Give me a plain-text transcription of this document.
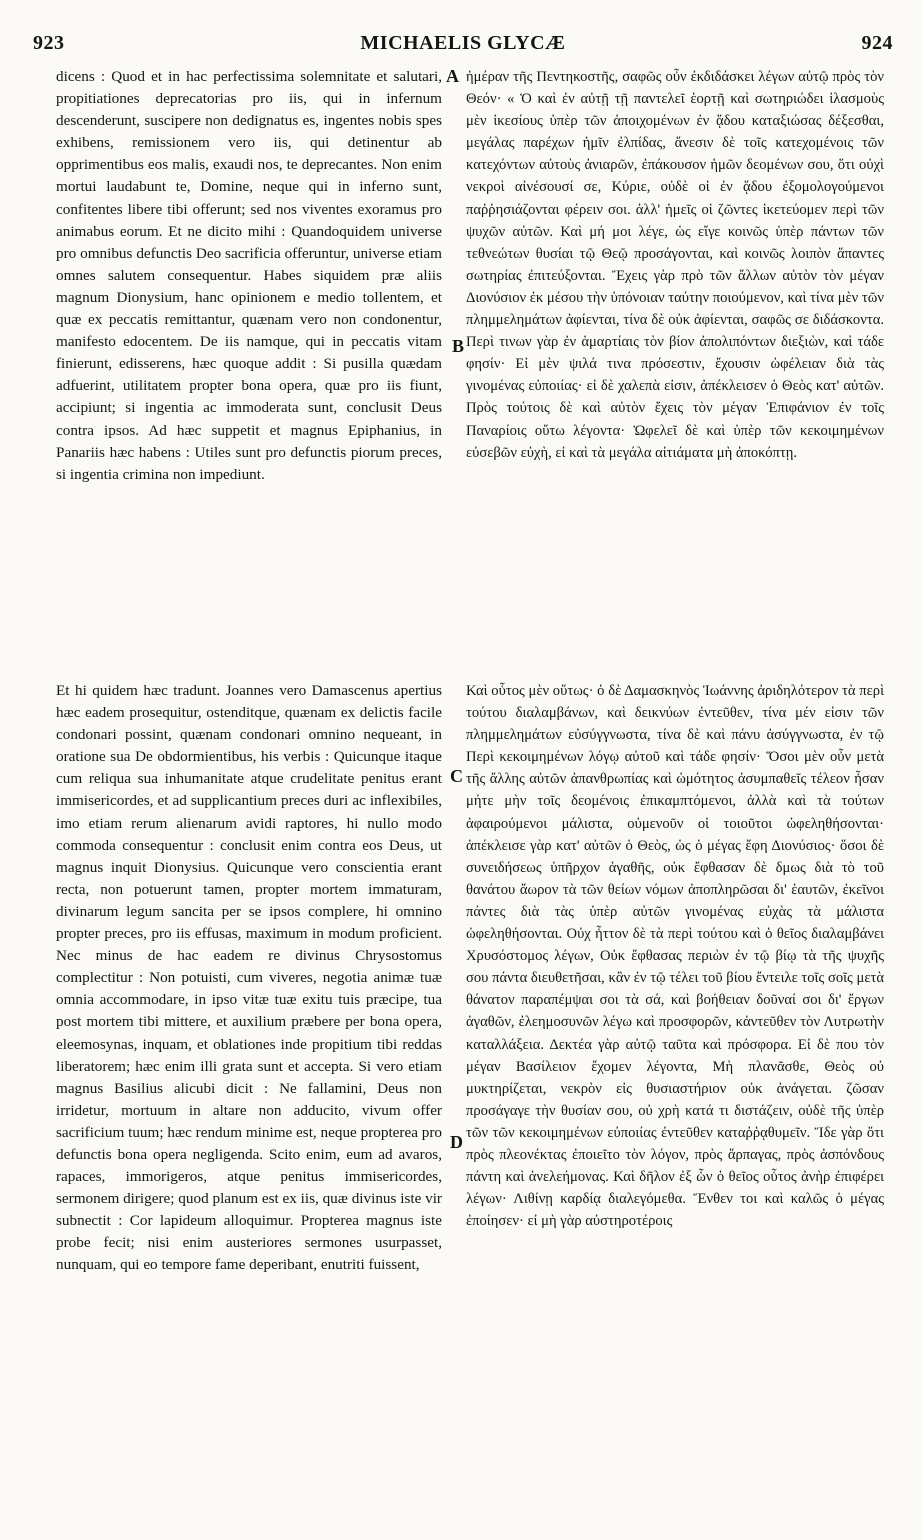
923	MICHAELIS GLYCÆ	924
A
B
C
D

dicens : Quod et in hac perfectissima solemnitate et salutari, propitiationes deprecatorias pro iis, qui in infernum descenderunt, suscipere non dedignatus es, ingentes nobis spes exhibens, remissionem vero iis, qui detinentur ab opprimentibus eos malis, exaudi nos, te deprecantes. Non enim mortui laudabunt te, Domine, neque qui in inferno sunt, confitentes libere tibi offerunt; sed nos viventes exoramus pro animabus eorum. Et ne dicito mihi : Quandoquidem universe pro omnibus defunctis Deo sacrificia offeruntur, universe etiam omnes salutem consequentur. Habes siquidem præ aliis magnum Dionysium, hanc opinionem e medio tollentem, et quæ ex peccatis remittantur, quænam vero non condonentur, manifesto edocentem. De iis namque, qui in peccatis vitam finierunt, edisserens, hæc quoque addit : Si pusilla quædam adfuerint, utilitatem propter bona opera, quæ pro iis fiunt, accipiunt; si ingentia ac immoderata sunt, conclusit Deus contra ipsos. Ad hæc suppetit et magnus Epiphanius, in Panariis hæc habens : Utiles sunt pro defunctis piorum preces, si ingentia crimina non impediunt.

Et hi quidem hæc tradunt. Joannes vero Damascenus apertius hæc eadem prosequitur, ostenditque, quænam ex delictis facile condonari possint, quænam condonari omnino nequeant, in oratione sua De obdormientibus, his verbis : Quicunque itaque cum reliqua sua inhumanitate atque crudelitate penitus erant immisericordes, et ad supplicantium preces duri ac inflexibiles, imo etiam rerum alienarum avidi raptores, hi nullo modo commoda consequentur : conclusit enim contra eos Deus, ut magnus inquit Dionysius. Quicunque vero conscientia erant recta, non potuerunt tamen, propter mortem immaturam, divinarum legum sancita per se ipsos complere, hi omnino propter preces, pro iis effusas, maximum in modum proficient. Nec minus de hac eadem re divinus Chrysostomus complectitur : Non potuisti, cum viveres, negotia animæ tuæ omnia accommodare, in ipso vitæ tuæ exitu tuis præcipe, tua post mortem tibi mittere, et auxilium præbere per bona opera, eleemosynas, inquam, et oblationes inde propitium tibi reddas liberatorem; hæc enim illi grata sunt et accepta. Si vero etiam magnus Basilius alicubi dicit : Ne fallamini, Deus non irridetur, mortuum in altare non adducito, vivum offer sacrificium tuum; hæc rendum minime est, neque propterea pro defunctis bona opera negligenda. Scito enim, eum ad avaros, rapaces, immorigeros, atque penitus immisericordes, sermonem dirigere; quod planum est ex iis, quæ divinus iste vir subnectit : Cor lapideum alloquimur. Propterea magnus iste probe fecit; nisi enim austeriores sermones usurpasset, nunquam, qui eo tempore fame deperibant, enutriti fuissent,

ἡμέραν τῆς Πεντηκοστῆς, σαφῶς οὖν ἐκδιδάσκει λέγων αὐτῷ πρὸς τὸν Θεόν· « Ὁ καὶ ἐν αὐτῇ τῇ παντελεῖ ἑορτῇ καὶ σωτηριώδει ἱλασμοὺς μὲν ἱκεσίους ὑπὲρ τῶν ἀποιχομένων ἐν ᾅδου καταξιώσας δέξεσθαι, μεγάλας παρέχων ἡμῖν ἐλπίδας, ἄνεσιν δὲ τοῖς κατεχομένοις τῶν κατεχόντων αὐτοὺς ἀνιαρῶν, ἐπάκουσον ἡμῶν δεομένων σου, ὅτι οὐχὶ νεκροὶ αἰνέσουσί σε, Κύριε, οὐδὲ οἱ ἐν ᾅδου ἐξομολογούμενοι παῤῥησιάζονται φέρειν σοι. ἀλλ' ἡμεῖς οἱ ζῶντες ἱκετεύομεν περὶ τῶν ψυχῶν αὐτῶν. Καὶ μή μοι λέγε, ὡς εἴγε κοινῶς ὑπὲρ πάντων τῶν τεθνεώτων θυσίαι τῷ Θεῷ προσάγονται, καὶ κοινῶς λοιπὸν ἅπαντες σωτηρίας ἐπιτεύξονται. Ἔχεις γὰρ πρὸ τῶν ἄλλων αὐτὸν τὸν μέγαν Διονύσιον ἐκ μέσου τὴν ὑπόνοιαν ταύτην ποιούμενον, καὶ τίνα μὲν τῶν πλημμελημάτων ἀφίενται, τίνα δὲ οὐκ ἀφίενται, σαφῶς σε διδάσκοντα. Περὶ τινων γὰρ ἐν ἁμαρτίαις τὸν βίον ἀπολιπόντων διεξιὼν, καὶ τάδε φησίν· Εἰ μὲν ψιλά τινα πρόσεστιν, ἔχουσιν ὠφέλειαν διὰ τὰς γινομένας εὐποιίας· εἰ δὲ χαλεπὰ εἰσιν, ἀπέκλεισεν ὁ Θεὸς κατ' αὐτῶν. Πρὸς τούτοις δὲ καὶ αὐτὸν ἔχεις τὸν μέγαν Ἐπιφάνιον ἐν τοῖς Παναρίοις οὕτω λέγοντα· Ὠφελεῖ δὲ καὶ ὑπὲρ τῶν κεκοιμημένων εὐσεβῶν εὐχὴ, εἰ καὶ τὰ μεγάλα αἰτιάματα μὴ ἀποκόπτῃ.

Καὶ οὗτος μὲν οὕτως· ὁ δὲ Δαμασκηνὸς Ἰωάννης ἀριδηλότερον τὰ περὶ τούτου διαλαμβάνων, καὶ δεικνύων ἐντεῦθεν, τίνα μέν εἰσιν τῶν πλημμελημάτων εὐσύγγνωστα, τίνα δὲ καὶ πάνυ ἀσύγγνωστα, ἐν τῷ Περὶ κεκοιμημένων λόγῳ αὐτοῦ καὶ τάδε φησίν· Ὅσοι μὲν οὖν μετὰ τῆς ἄλλης αὐτῶν ἀπανθρωπίας καὶ ὠμότητος ἀσυμπαθεῖς τέλεον ἦσαν μήτε μὴν τοῖς δεομένοις ἐπικαμπτόμενοι, ἀλλὰ καὶ τὰ τούτων ἀφαιρούμενοι μάλιστα, οὐμενοῦν οἱ τοιοῦτοι ὠφεληθήσονται· ἀπέκλεισε γὰρ κατ' αὐτῶν ὁ Θεὸς, ὡς ὁ μέγας ἔφη Διονύσιος· ὅσοι δὲ συνειδήσεως ὑπῆρχον ἀγαθῆς, οὐκ ἔφθασαν δὲ δμως διὰ τὸ τοῦ θανάτου ἄωρον τὰ τῶν θείων νόμων ἀποπληρῶσαι δι' ἑαυτῶν, ἐκεῖνοι πάντες διὰ τὰς ὑπὲρ αὐτῶν γινομένας εὐχὰς τὰ μάλιστα ὠφεληθήσονται. Οὐχ ἧττον δὲ τὰ περὶ τούτου καὶ ὁ θεῖος διαλαμβάνει Χρυσόστομος λέγων, Οὐκ ἔφθασας περιὼν ἐν τῷ βίῳ τὰ τῆς ψυχῆς σου πάντα διευθετῆσαι, κἂν ἐν τῷ τέλει τοῦ βίου ἔντειλε τοῖς σοῖς μετὰ θάνατον παραπέμψαι σοι τὰ σά, καὶ βοήθειαν δοῦναί σοι δι' ἔργων ἀγαθῶν, ἐλεημοσυνῶν λέγω καὶ προσφορῶν, κἀντεῦθεν τὸν Λυτρωτὴν καταλλάξεια. Δεκτέα γὰρ αὐτῷ ταῦτα καὶ πρόσφορα. Εἰ δὲ που τὸν μέγαν Βασίλειον ἔχομεν λέγοντα, Μὴ πλανᾶσθε, Θεὸς οὐ μυκτηρίζεται, νεκρὸν εἰς θυσιαστήριον οὐκ ἀνάγεται. ζῶσαν προσάγαγε τὴν θυσίαν σου, οὐ χρὴ κατά τι διστάζειν, οὐδὲ τῆς ὑπὲρ τῶν τῶν κεκοιμημένων εὐποιίας ἐντεῦθεν καταῤῥᾳθυμεῖν. Ἴδε γὰρ ὅτι πρὸς πλεονέκτας ἐποιεῖτο τὸν λόγον, πρὸς ἅρπαγας, πρὸς ἀσπόνδους πάντη καὶ ἀνελεήμονας. Καὶ δῆλον ἐξ ὧν ὁ θεῖος οὗτος ἀνὴρ ἐπιφέρει λέγων· Λιθίνῃ καρδίᾳ διαλεγόμεθα. Ἔνθεν τοι καὶ καλῶς ὁ μέγας ἐποίησεν· εἰ μὴ γὰρ αὐστηροτέροις
